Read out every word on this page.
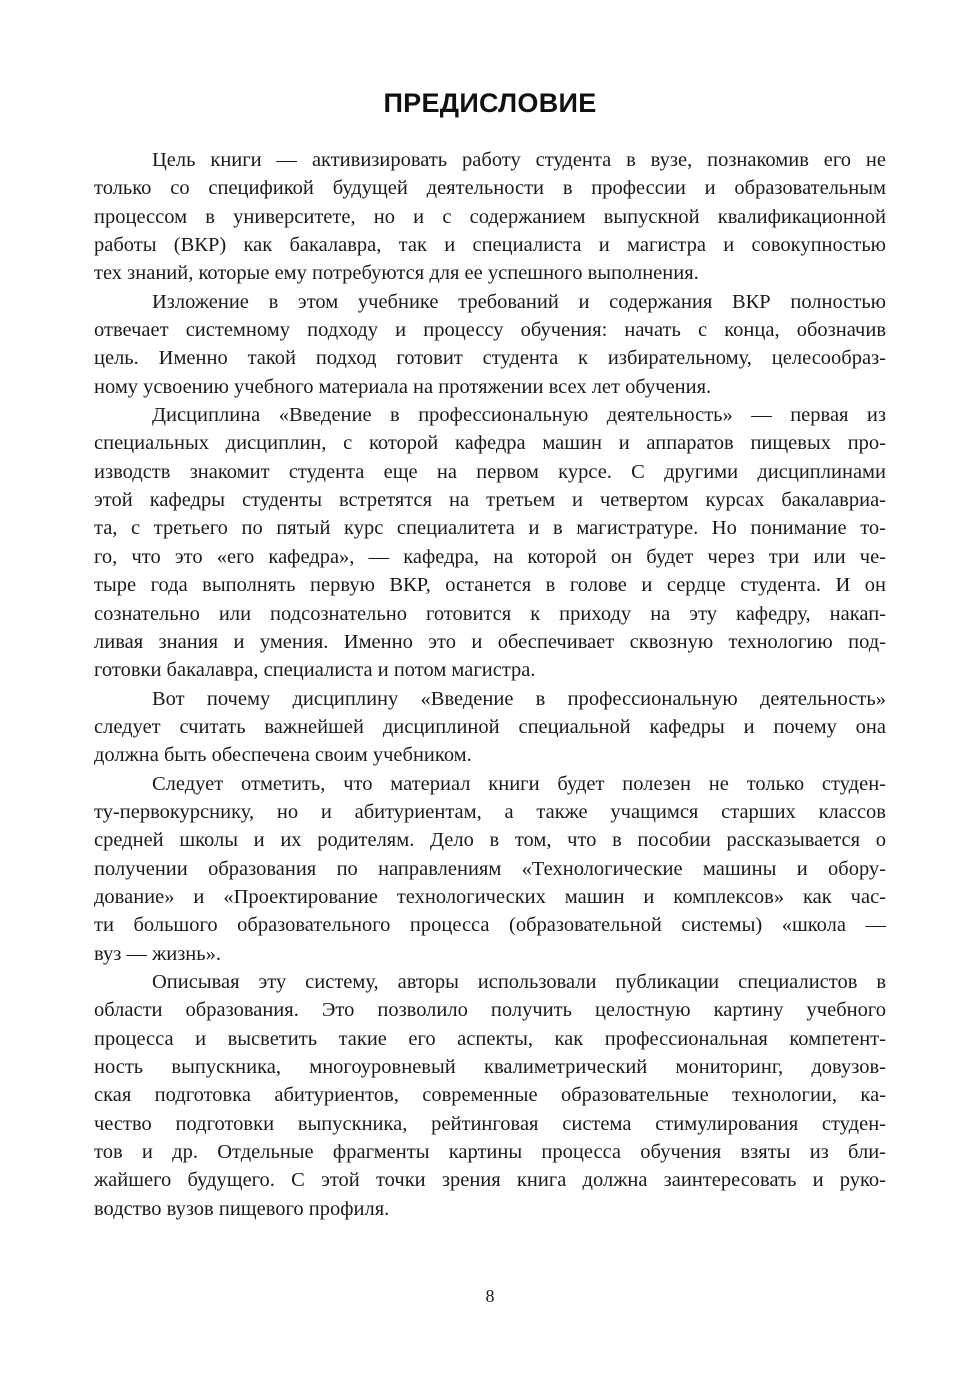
ПРЕДИСЛОВИЕ
Цель книги — активизировать работу студента в вузе, познакомив его не
только со спецификой будущей деятельности в профессии и образовательным
процессом в университете, но и с содержанием выпускной квалификационной
работы (ВКР) как бакалавра, так и специалиста и магистра и совокупностью
тех знаний, которые ему потребуются для ее успешного выполнения.
Изложение в этом учебнике требований и содержания ВКР полностью
отвечает системному подходу и процессу обучения: начать с конца, обозначив
цель. Именно такой подход готовит студента к избирательному, целесообраз-
ному усвоению учебного материала на протяжении всех лет обучения.
Дисциплина «Введение в профессиональную деятельность» — первая из
специальных дисциплин, с которой кафедра машин и аппаратов пищевых про-
изводств знакомит студента еще на первом курсе. С другими дисциплинами
этой кафедры студенты встретятся на третьем и четвертом курсах бакалавриа-
та, с третьего по пятый курс специалитета и в магистратуре. Но понимание то-
го, что это «его кафедра», — кафедра, на которой он будет через три или че-
тыре года выполнять первую ВКР, останется в голове и сердце студента. И он
сознательно или подсознательно готовится к приходу на эту кафедру, накап-
ливая знания и умения. Именно это и обеспечивает сквозную технологию под-
готовки бакалавра, специалиста и потом магистра.
Вот почему дисциплину «Введение в профессиональную деятельность»
следует считать важнейшей дисциплиной специальной кафедры и почему она
должна быть обеспечена своим учебником.
Следует отметить, что материал книги будет полезен не только студен-
ту-первокурснику, но и абитуриентам, а также учащимся старших классов
средней школы и их родителям. Дело в том, что в пособии рассказывается о
получении образования по направлениям «Технологические машины и обору-
дование» и «Проектирование технологических машин и комплексов» как час-
ти большого образовательного процесса (образовательной системы) «школа —
вуз — жизнь».
Описывая эту систему, авторы использовали публикации специалистов в
области образования. Это позволило получить целостную картину учебного
процесса и высветить такие его аспекты, как профессиональная компетент-
ность выпускника, многоуровневый квалиметрический мониторинг, довузов-
ская подготовка абитуриентов, современные образовательные технологии, ка-
чество подготовки выпускника, рейтинговая система стимулирования студен-
тов и др. Отдельные фрагменты картины процесса обучения взяты из бли-
жайшего будущего. С этой точки зрения книга должна заинтересовать и руко-
водство вузов пищевого профиля.
8
